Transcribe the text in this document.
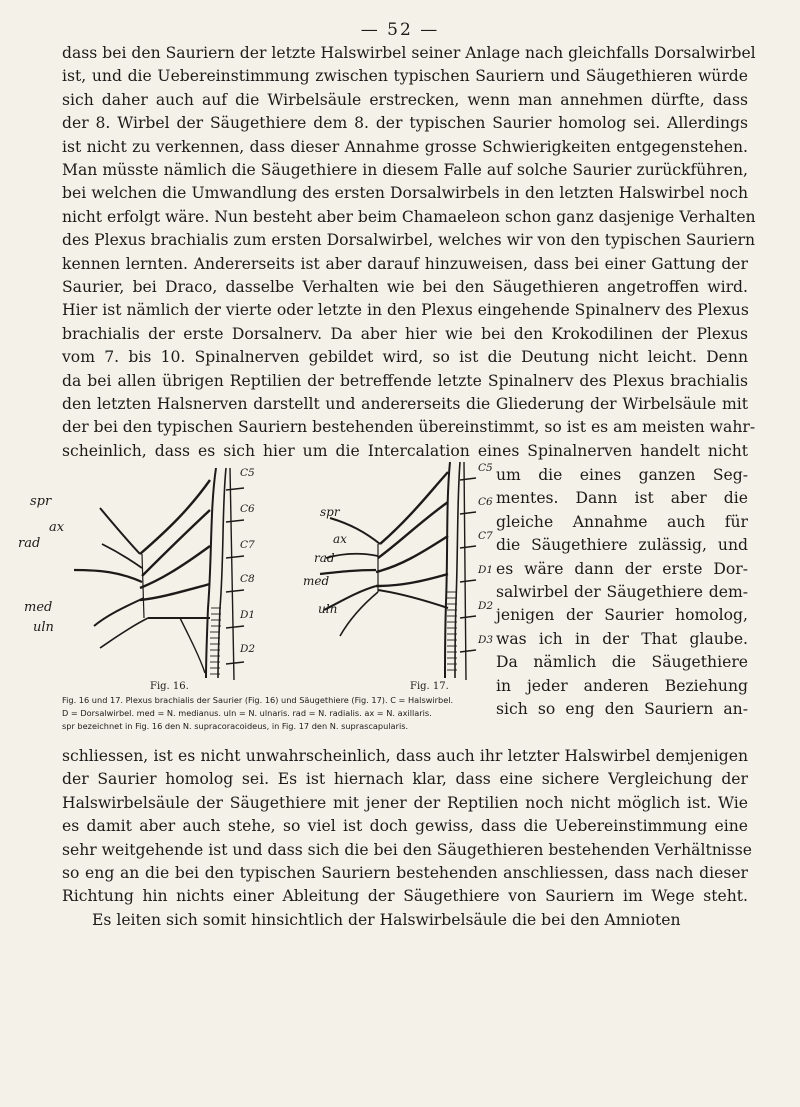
— 52 —
dass bei den Sauriern der letzte Halswirbel seiner Anlage nach gleichfalls Dorsalwirbel
ist, und die Uebereinstimmung zwischen typischen Sauriern und Säugethieren würde
sich daher auch auf die Wirbelsäule erstrecken, wenn man annehmen dürfte, dass
der 8. Wirbel der Säugethiere dem 8. der typischen Saurier homolog sei. Allerdings
ist nicht zu verkennen, dass dieser Annahme grosse Schwierigkeiten entgegenstehen.
Man müsste nämlich die Säugethiere in diesem Falle auf solche Saurier zurückführen,
bei welchen die Umwandlung des ersten Dorsalwirbels in den letzten Halswirbel noch
nicht erfolgt wäre. Nun besteht aber beim Chamaeleon schon ganz dasjenige Verhalten
des Plexus brachialis zum ersten Dorsalwirbel, welches wir von den typischen Sauriern
kennen lernten. Andererseits ist aber darauf hinzuweisen, dass bei einer Gattung der
Saurier, bei Draco, dasselbe Verhalten wie bei den Säugethieren angetroffen wird.
Hier ist nämlich der vierte oder letzte in den Plexus eingehende Spinalnerv des Plexus
brachialis der erste Dorsalnerv. Da aber hier wie bei den Krokodilinen der Plexus
vom 7. bis 10. Spinalnerven gebildet wird, so ist die Deutung nicht leicht. Denn
da bei allen übrigen Reptilien der betreffende letzte Spinalnerv des Plexus brachialis
den letzten Halsnerven darstellt und andererseits die Gliederung der Wirbelsäule mit
der bei den typischen Sauriern bestehenden übereinstimmt, so ist es am meisten wahr-
scheinlich, dass es sich hier um die Intercalation eines Spinalnerven handelt nicht
um die eines ganzen Seg-
mentes. Dann ist aber die
gleiche Annahme auch für
die Säugethiere zulässig, und
es wäre dann der erste Dor-
salwirbel der Säugethiere dem-
jenigen der Saurier homolog,
was ich in der That glaube.
Da nämlich die Säugethiere
in jeder anderen Beziehung
sich so eng den Sauriern an-
schliessen, ist es nicht unwahrscheinlich, dass auch ihr letzter Halswirbel demjenigen
der Saurier homolog sei. Es ist hiernach klar, dass eine sichere Vergleichung der
Halswirbelsäule der Säugethiere mit jener der Reptilien noch nicht möglich ist. Wie
es damit aber auch stehe, so viel ist doch gewiss, dass die Uebereinstimmung eine
sehr weitgehende ist und dass sich die bei den Säugethieren bestehenden Verhältnisse
so eng an die bei den typischen Sauriern bestehenden anschliessen, dass nach dieser
Richtung hin nichts einer Ableitung der Säugethiere von Sauriern im Wege steht.
Es leiten sich somit hinsichtlich der Halswirbelsäule die bei den Amnioten
spr
ax
rad
med
uln
C5
C6
C7
C8
D1
D2
Fig. 16.
spr
ax
rad
med
uln
C5
C6
C7
D1
D2
D3
Fig. 17.
Fig. 16 und 17. Plexus brachialis der Saurier (Fig. 16) und Säugethiere (Fig. 17). C = Halswirbel.
D = Dorsalwirbel. med = N. medianus. uln = N. ulnaris. rad = N. radialis. ax = N. axillaris.
spr bezeichnet in Fig. 16 den N. supracoracoideus, in Fig. 17 den N. suprascapularis.
